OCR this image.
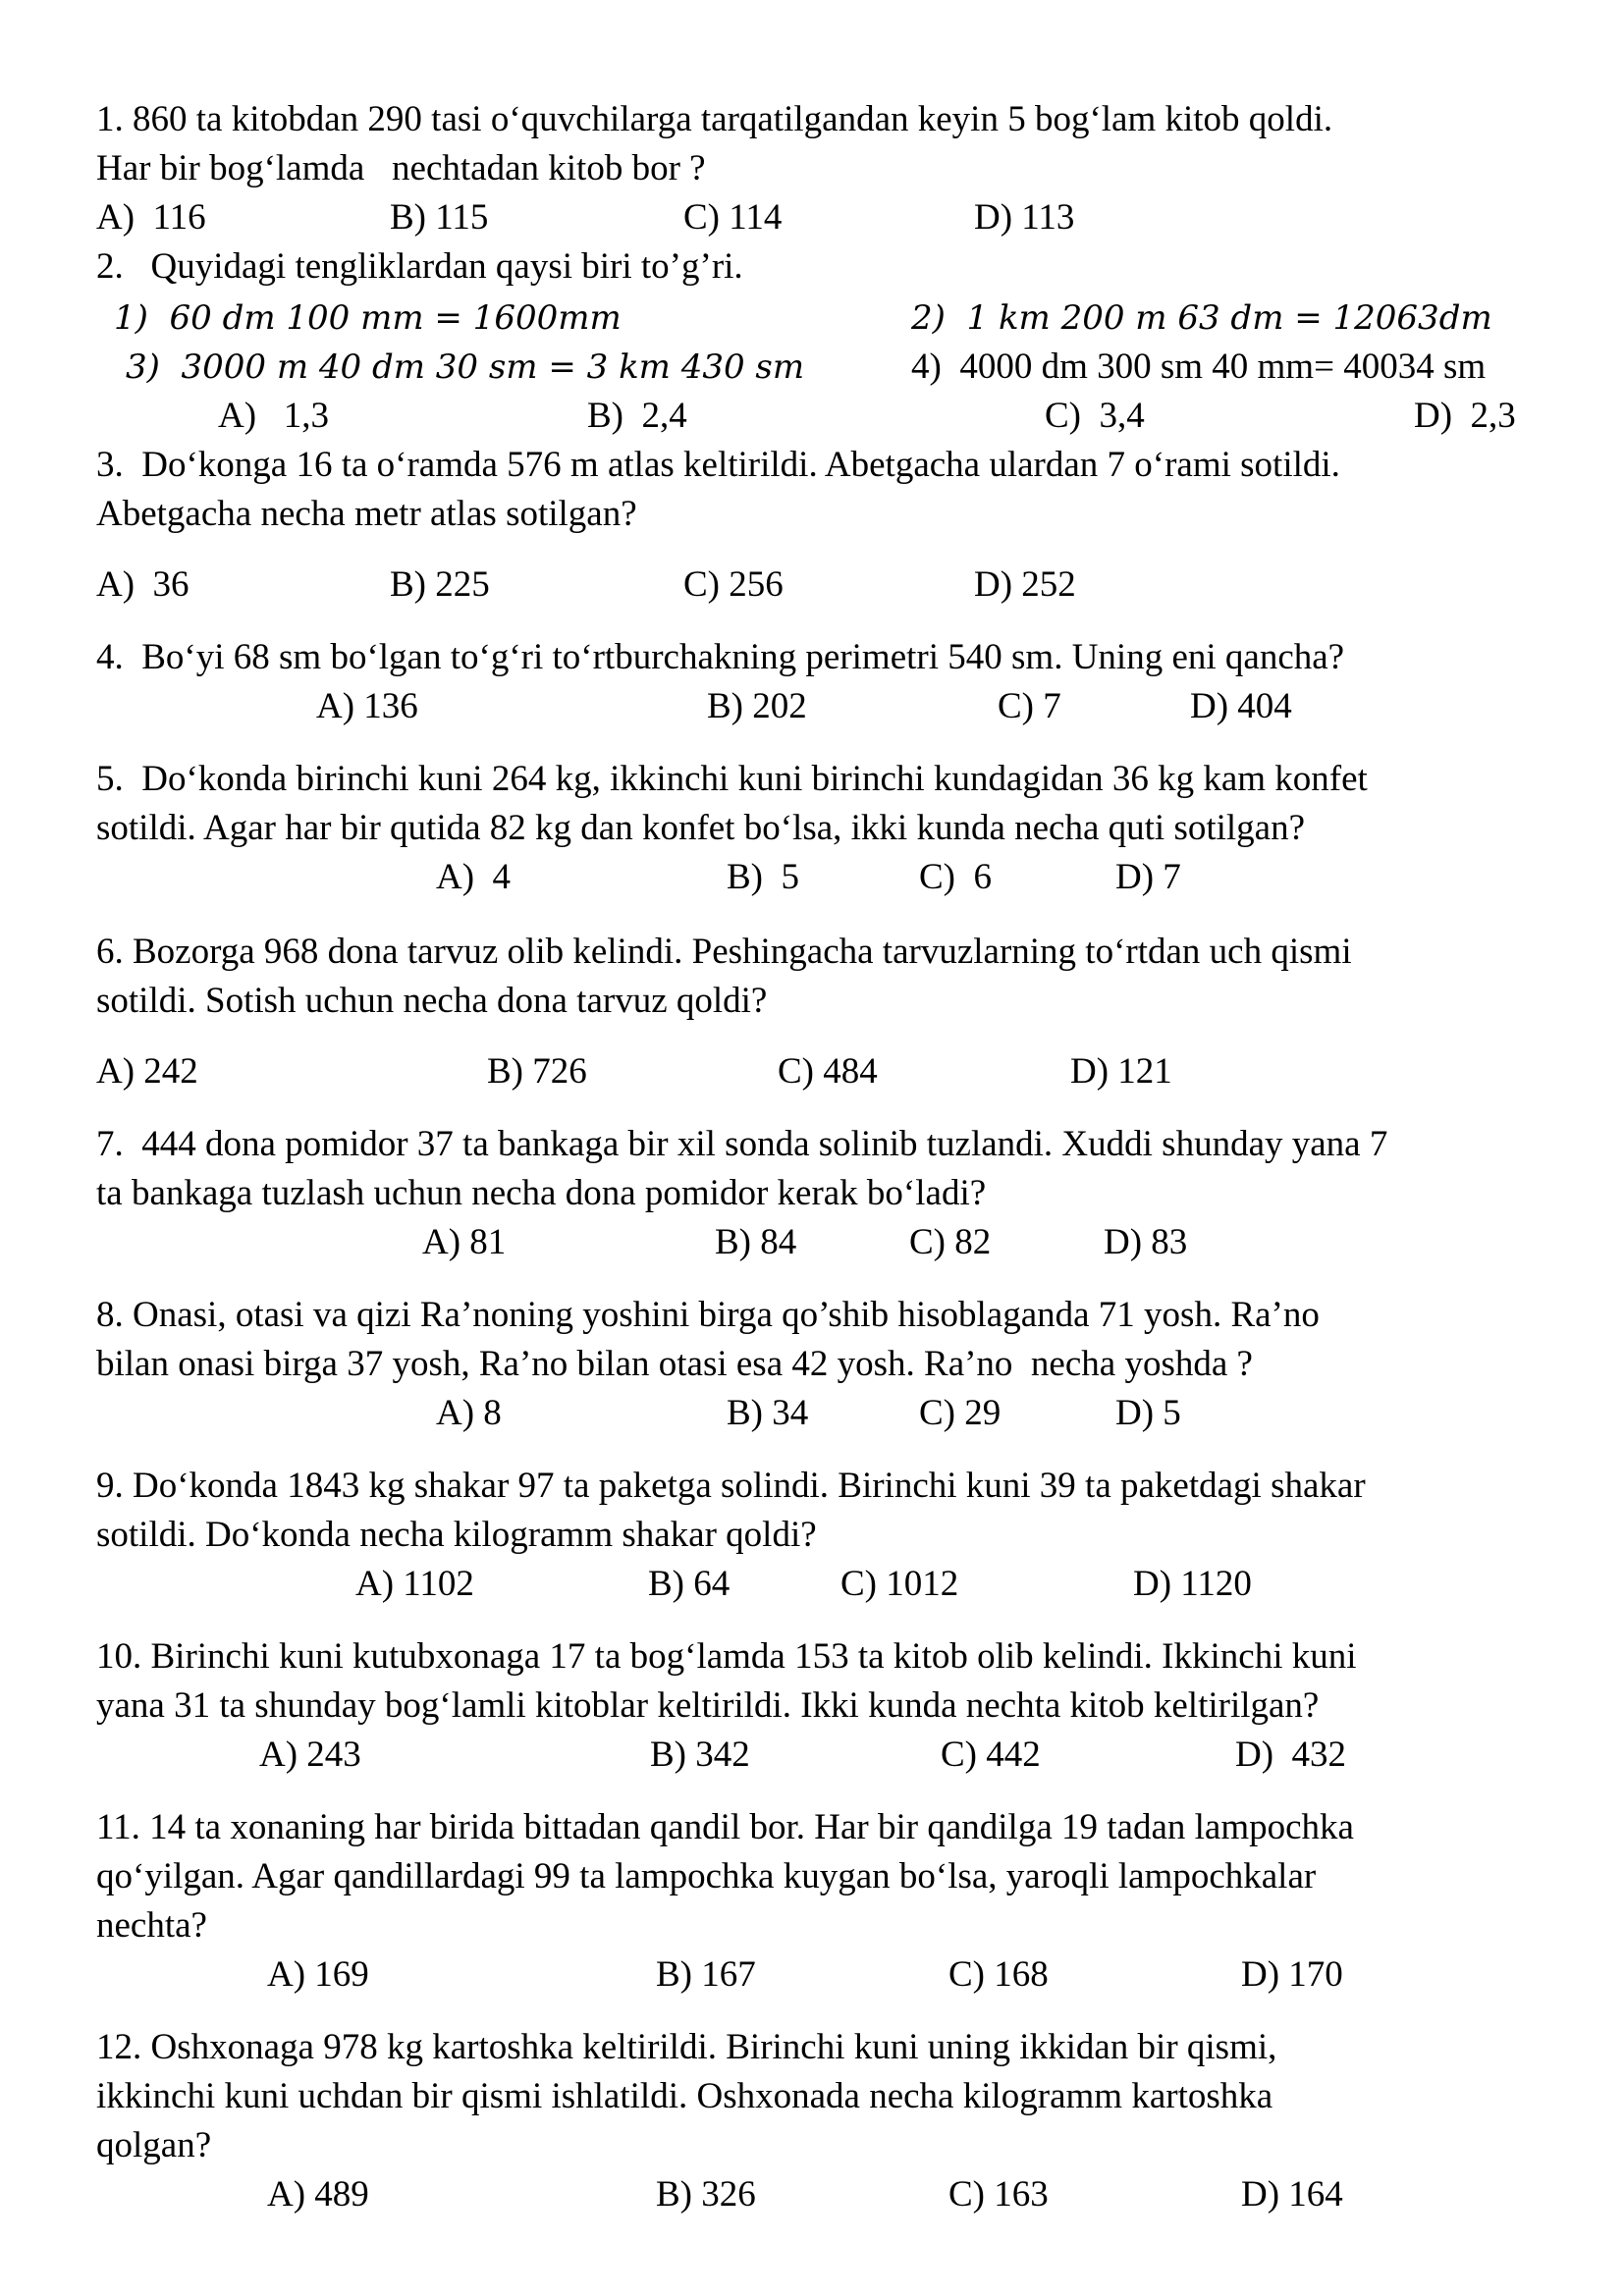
1. 860 ta kitobdan 290 tasi o‘quvchilarga tarqatilgandan keyin 5 bog‘lam kitob qoldi.
Har bir bog‘lamda   nechtadan kitob bor ?
A)  116	B) 115	C) 114	D) 113
2.   Quyidagi tengliklardan qaysi biri to’g’ri.
1)  60 dm 100 mm = 1600mm	2)  1 km 200 m 63 dm = 12063dm
3)  3000 m 40 dm 30 sm = 3 km 430 sm	4)  4000 dm 300 sm 40 mm= 40034 sm
A)   1,3	B)  2,4	C)  3,4	D)  2,3
3.  Do‘konga 16 ta o‘ramda 576 m atlas keltirildi. Abetgacha ulardan 7 o‘rami sotildi.
Abetgacha necha metr atlas sotilgan?
A)  36	B) 225	C) 256	D) 252
4.  Bo‘yi 68 sm bo‘lgan to‘g‘ri to‘rtburchakning perimetri 540 sm. Uning eni qancha?
A) 136	B) 202	C) 7	D) 404
5.  Do‘konda birinchi kuni 264 kg, ikkinchi kuni birinchi kundagidan 36 kg kam konfet
sotildi. Agar har bir qutida 82 kg dan konfet bo‘lsa, ikki kunda necha quti sotilgan?
A)  4	B)  5	C)  6	D) 7
6. Bozorga 968 dona tarvuz olib kelindi. Peshingacha tarvuzlarning to‘rtdan uch qismi
sotildi. Sotish uchun necha dona tarvuz qoldi?
A) 242	B) 726	C) 484	D) 121
7.  444 dona pomidor 37 ta bankaga bir xil sonda solinib tuzlandi. Xuddi shunday yana 7
ta bankaga tuzlash uchun necha dona pomidor kerak bo‘ladi?
A) 81	B) 84	C) 82	D) 83
8. Onasi, otasi va qizi Ra’noning yoshini birga qo’shib hisoblaganda 71 yosh. Ra’no
bilan onasi birga 37 yosh, Ra’no bilan otasi esa 42 yosh. Ra’no  necha yoshda ?
A) 8	B) 34	C) 29	D) 5
9. Do‘konda 1843 kg shakar 97 ta paketga solindi. Birinchi kuni 39 ta paketdagi shakar
sotildi. Do‘konda necha kilogramm shakar qoldi?
A) 1102	B) 64	C) 1012	D) 1120
10. Birinchi kuni kutubxonaga 17 ta bog‘lamda 153 ta kitob olib kelindi. Ikkinchi kuni
yana 31 ta shunday bog‘lamli kitoblar keltirildi. Ikki kunda nechta kitob keltirilgan?
A) 243	B) 342	C) 442	D)  432
11. 14 ta xonaning har birida bittadan qandil bor. Har bir qandilga 19 tadan lampochka
qo‘yilgan. Agar qandillardagi 99 ta lampochka kuygan bo‘lsa, yaroqli lampochkalar
nechta?
A) 169	B) 167	C) 168	D) 170
12. Oshxonaga 978 kg kartoshka keltirildi. Birinchi kuni uning ikkidan bir qismi,
ikkinchi kuni uchdan bir qismi ishlatildi. Oshxonada necha kilogramm kartoshka
qolgan?
A) 489	B) 326	C) 163	D) 164
